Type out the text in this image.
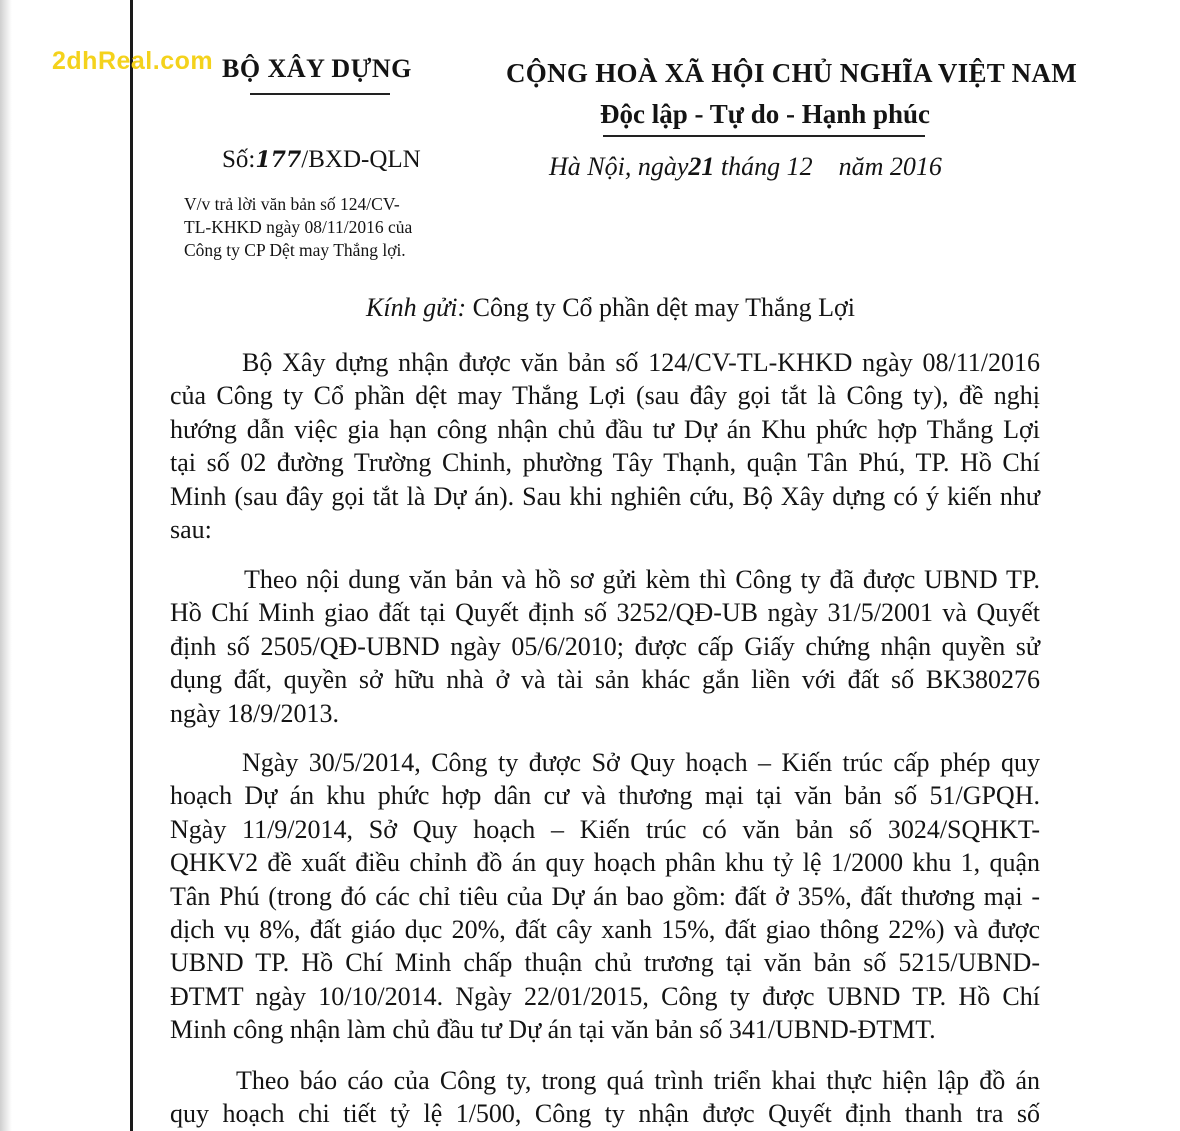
2dhReal.com BỘ XÂY DỰNG	CỘNG HOÀ XÃ HỘI CHỦ NGHĨA VIỆT NAM
Độc lập - Tự do - Hạnh phúc
Số:177/BXD-QLN	Hà Nội, ngày21 tháng 12    năm 2016
V/v trả lời văn bản số 124/CV-
TL-KHKD ngày 08/11/2016 của
Công ty CP Dệt may Thắng lợi.
Kính gửi: Công ty Cổ phần dệt may Thắng Lợi
Bộ Xây dựng nhận được văn bản số 124/CV-TL-KHKD ngày 08/11/2016
của Công ty Cổ phần dệt may Thắng Lợi (sau đây gọi tắt là Công ty), đề nghị
hướng dẫn việc gia hạn công nhận chủ đầu tư Dự án Khu phức hợp Thắng Lợi
tại số 02 đường Trường Chinh, phường Tây Thạnh, quận Tân Phú, TP. Hồ Chí
Minh (sau đây gọi tắt là Dự án). Sau khi nghiên cứu, Bộ Xây dựng có ý kiến như
sau:
Theo nội dung văn bản và hồ sơ gửi kèm thì Công ty đã được UBND TP.
Hồ Chí Minh giao đất tại Quyết định số 3252/QĐ-UB ngày 31/5/2001 và Quyết
định số 2505/QĐ-UBND ngày 05/6/2010; được cấp Giấy chứng nhận quyền sử
dụng đất, quyền sở hữu nhà ở và tài sản khác gắn liền với đất số BK380276
ngày 18/9/2013.
Ngày 30/5/2014, Công ty được Sở Quy hoạch – Kiến trúc cấp phép quy
hoạch Dự án khu phức hợp dân cư và thương mại tại văn bản số 51/GPQH.
Ngày 11/9/2014, Sở Quy hoạch – Kiến trúc có văn bản số 3024/SQHKT-
QHKV2 đề xuất điều chỉnh đồ án quy hoạch phân khu tỷ lệ 1/2000 khu 1, quận
Tân Phú (trong đó các chỉ tiêu của Dự án bao gồm: đất ở 35%, đất thương mại -
dịch vụ 8%, đất giáo dục 20%, đất cây xanh 15%, đất giao thông 22%) và được
UBND TP. Hồ Chí Minh chấp thuận chủ trương tại văn bản số 5215/UBND-
ĐTMT ngày 10/10/2014. Ngày 22/01/2015, Công ty được UBND TP. Hồ Chí
Minh công nhận làm chủ đầu tư Dự án tại văn bản số 341/UBND-ĐTMT.
Theo báo cáo của Công ty, trong quá trình triển khai thực hiện lập đồ án
quy hoạch chi tiết tỷ lệ 1/500, Công ty nhận được Quyết định thanh tra số
